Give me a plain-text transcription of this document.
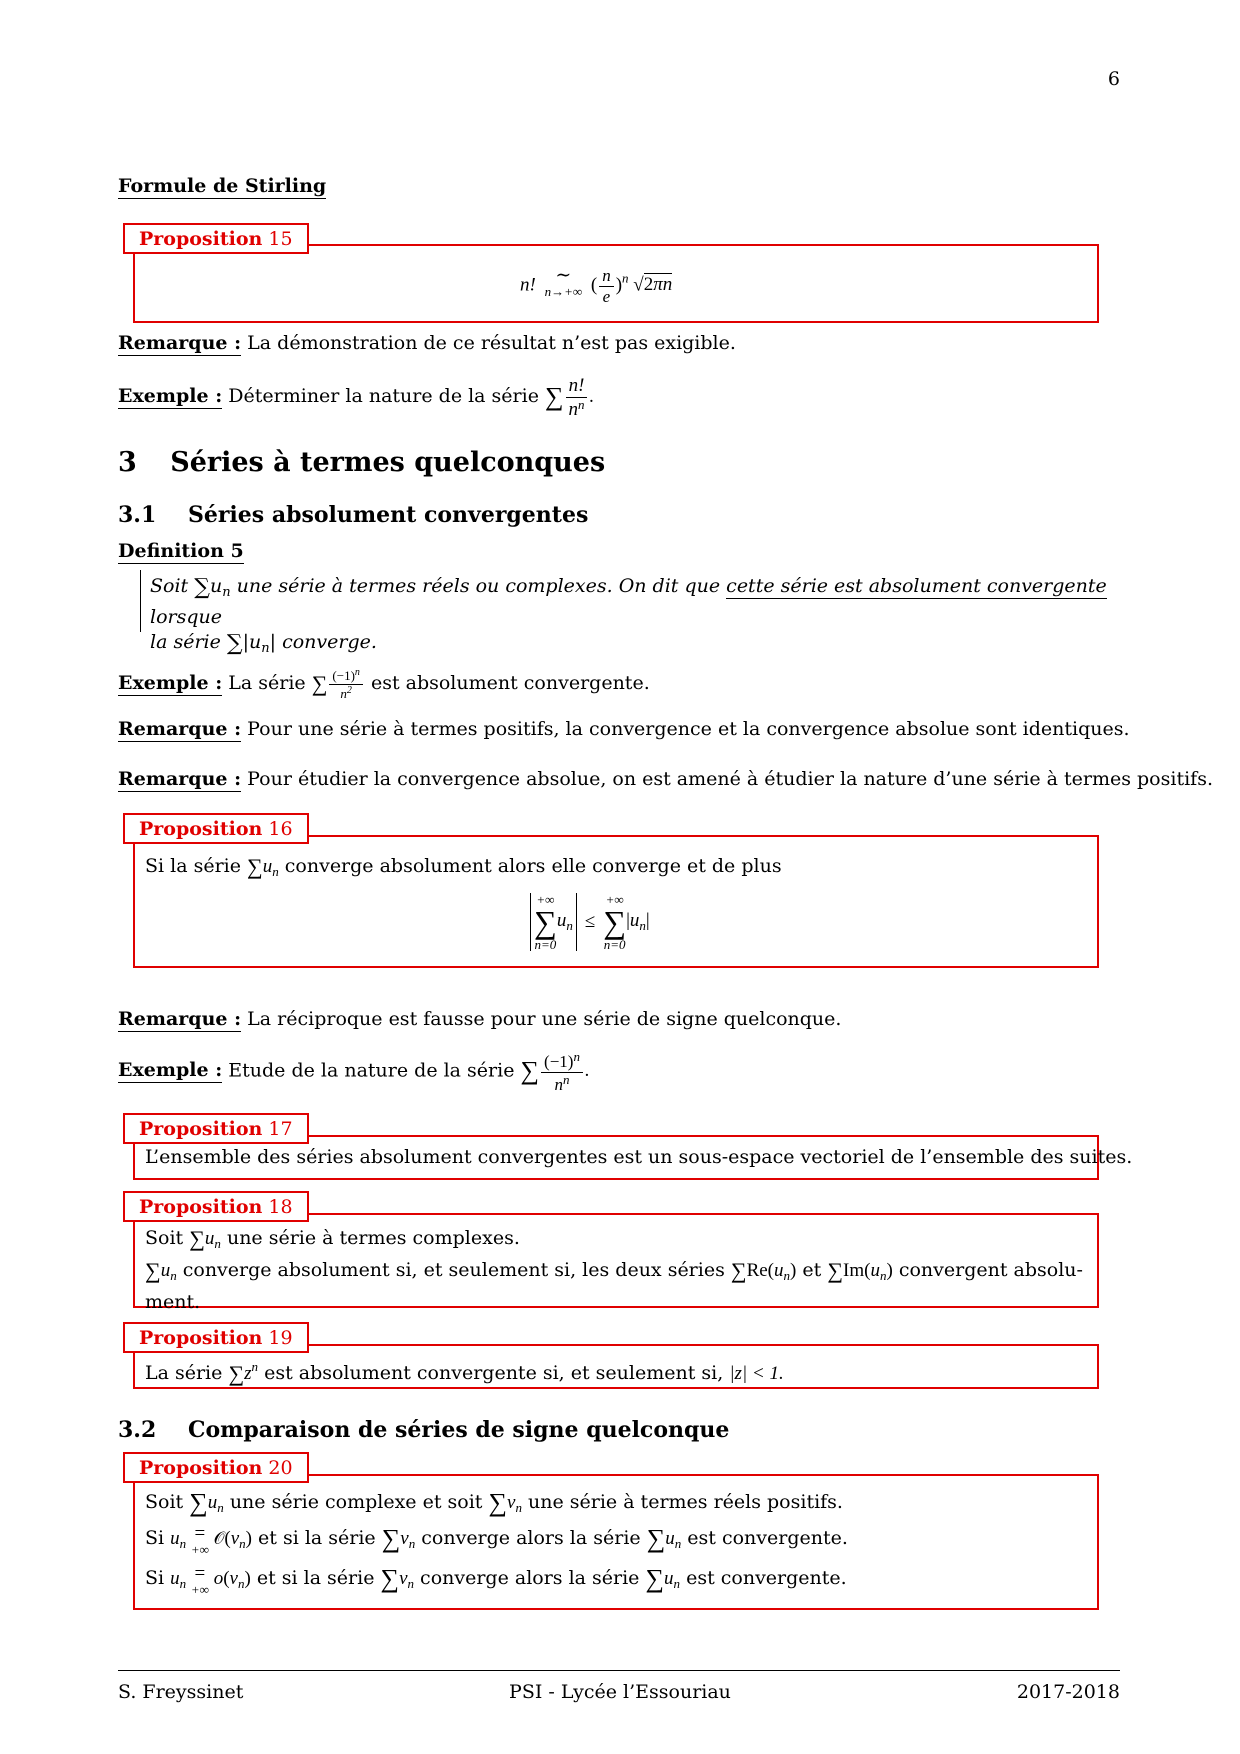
6
Formule de Stirling
Proposition 15
n! ∼
n→+∞ ( $\frac{n}{e} )^n$ √2πn
Remarque : La démonstration de ce résultat n’est pas exigible.
Exemple : Déterminer la nature de la série ∑ $\frac{n!}{n^n}$ .
3 Séries à termes quelconques
3.1 Séries absolument convergentes
Definition 5
Soit $\sum u_n$ une série à termes réels ou complexes. On dit que cette série est absolument convergente lorsque
la série $\sum|u_n|$ converge.
Exemple : La série ∑ $\frac{(-1)^n}{n^2}$ est absolument convergente.
Remarque : Pour une série à termes positifs, la convergence et la convergence absolue sont identiques.
Remarque : Pour étudier la convergence absolue, on est amené à étudier la nature d’une série à termes positifs.
Proposition 16
Si la série $\sum u_n$ converge absolument alors elle converge et de plus
+∞
∑
n=0
$u_n$ ≤
+∞
∑
n=0
$|u_n|$
Remarque : La réciproque est fausse pour une série de signe quelconque.
Exemple : Etude de la nature de la série ∑ $\frac{(-1)^n}{n^n}$ .
Proposition 17
L’ensemble des séries absolument convergentes est un sous-espace vectoriel de l’ensemble des suites.
Proposition 18
Soit $\sum u_n$ une série à termes complexes.
$\sum u_n$ converge absolument si, et seulement si, les deux séries $\sum Re(u_n)$ et $\sum Im(u_n)$ convergent absolu-
ment.
Proposition 19
La série $\sum z^n$ est absolument convergente si, et seulement si, |z| < 1.
3.2 Comparaison de séries de signe quelconque
Proposition 20
Soit $\sum u_n$ une série complexe et soit $\sum v_n$ une série à termes réels positifs.
Si $u_n$ =
+∞
$𝒪(v_n)$ et si la série $\sum v_n$ converge alors la série $\sum u_n$ est convergente.
Si $u_n$ =
+∞
$o(v_n)$ et si la série $\sum v_n$ converge alors la série $\sum u_n$ est convergente.
S. Freyssinet	PSI - Lycée l’Essouriau	2017-2018
